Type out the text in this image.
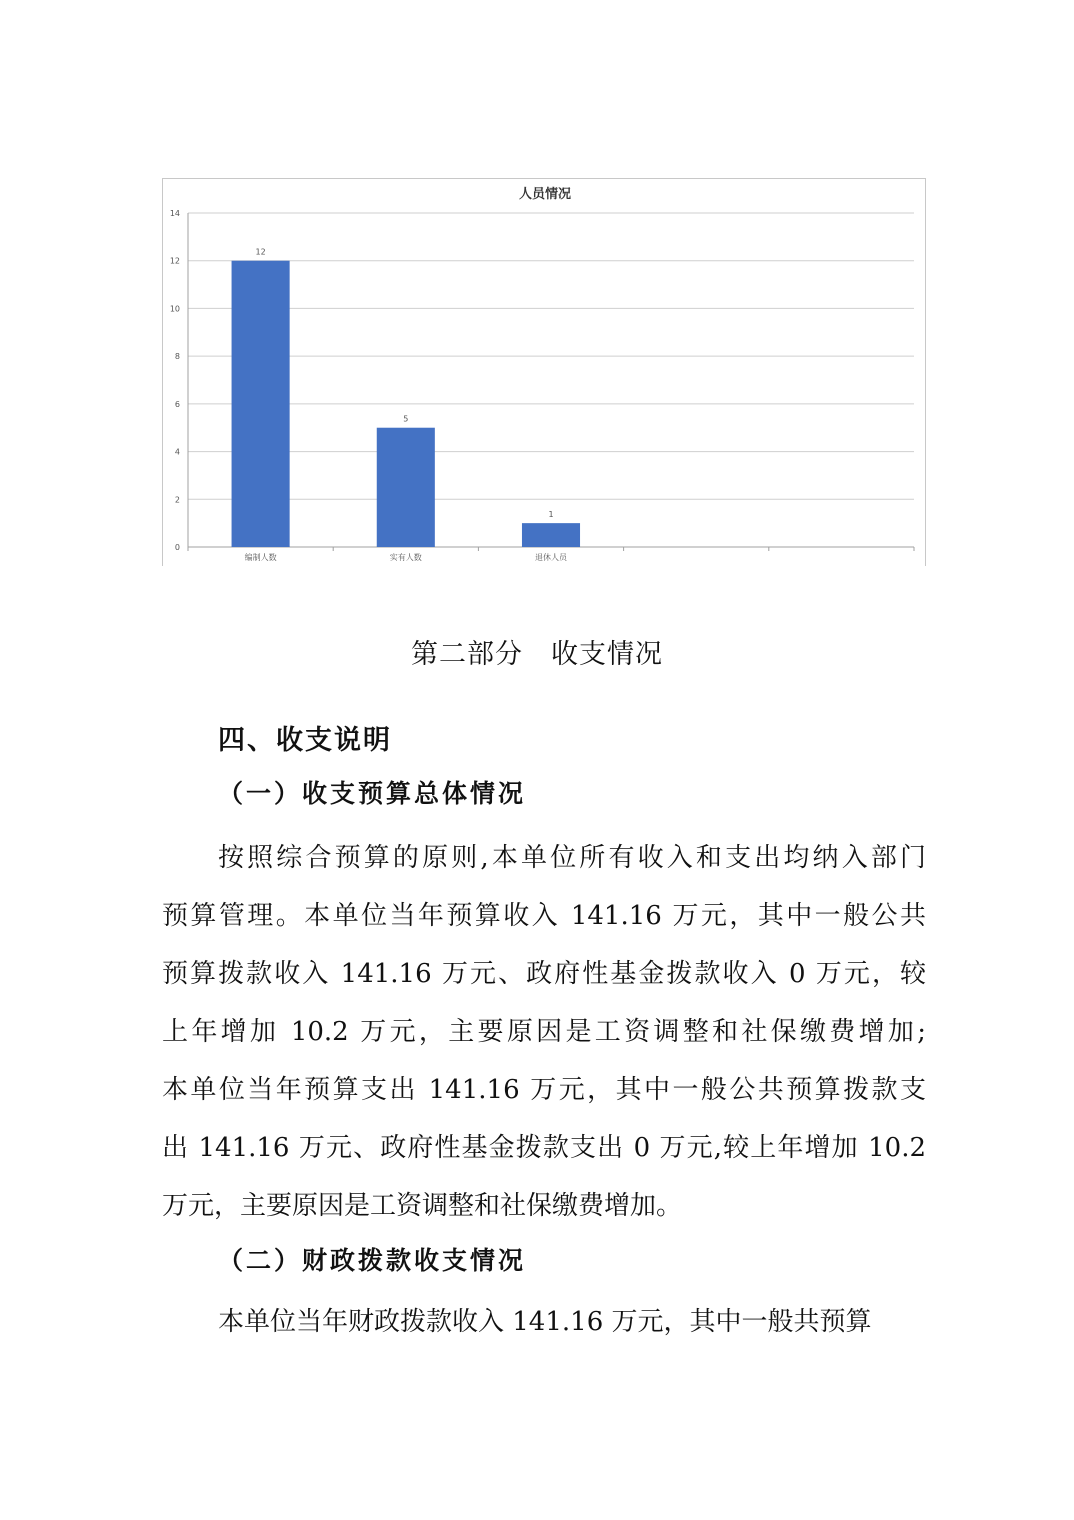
人员情况
0
2
4
6
8
10
12
14
12
编制人数
5
实有人数
1
退休人员
第二部分　收支情况
四、收支说明
（一）收支预算总体情况
按照综合预算的原则,本单位所有收入和支出均纳入部门
预算管理。本单位当年预算收入 141.16 万元，其中一般公共
预算拨款收入 141.16 万元、政府性基金拨款收入 0 万元，较
上年增加 10.2 万元，主要原因是工资调整和社保缴费增加;
本单位当年预算支出 141.16 万元，其中一般公共预算拨款支
出 141.16 万元、政府性基金拨款支出 0 万元,较上年增加 10.2
万元，主要原因是工资调整和社保缴费增加。
（二）财政拨款收支情况
本单位当年财政拨款收入 141.16 万元，其中一般共预算
